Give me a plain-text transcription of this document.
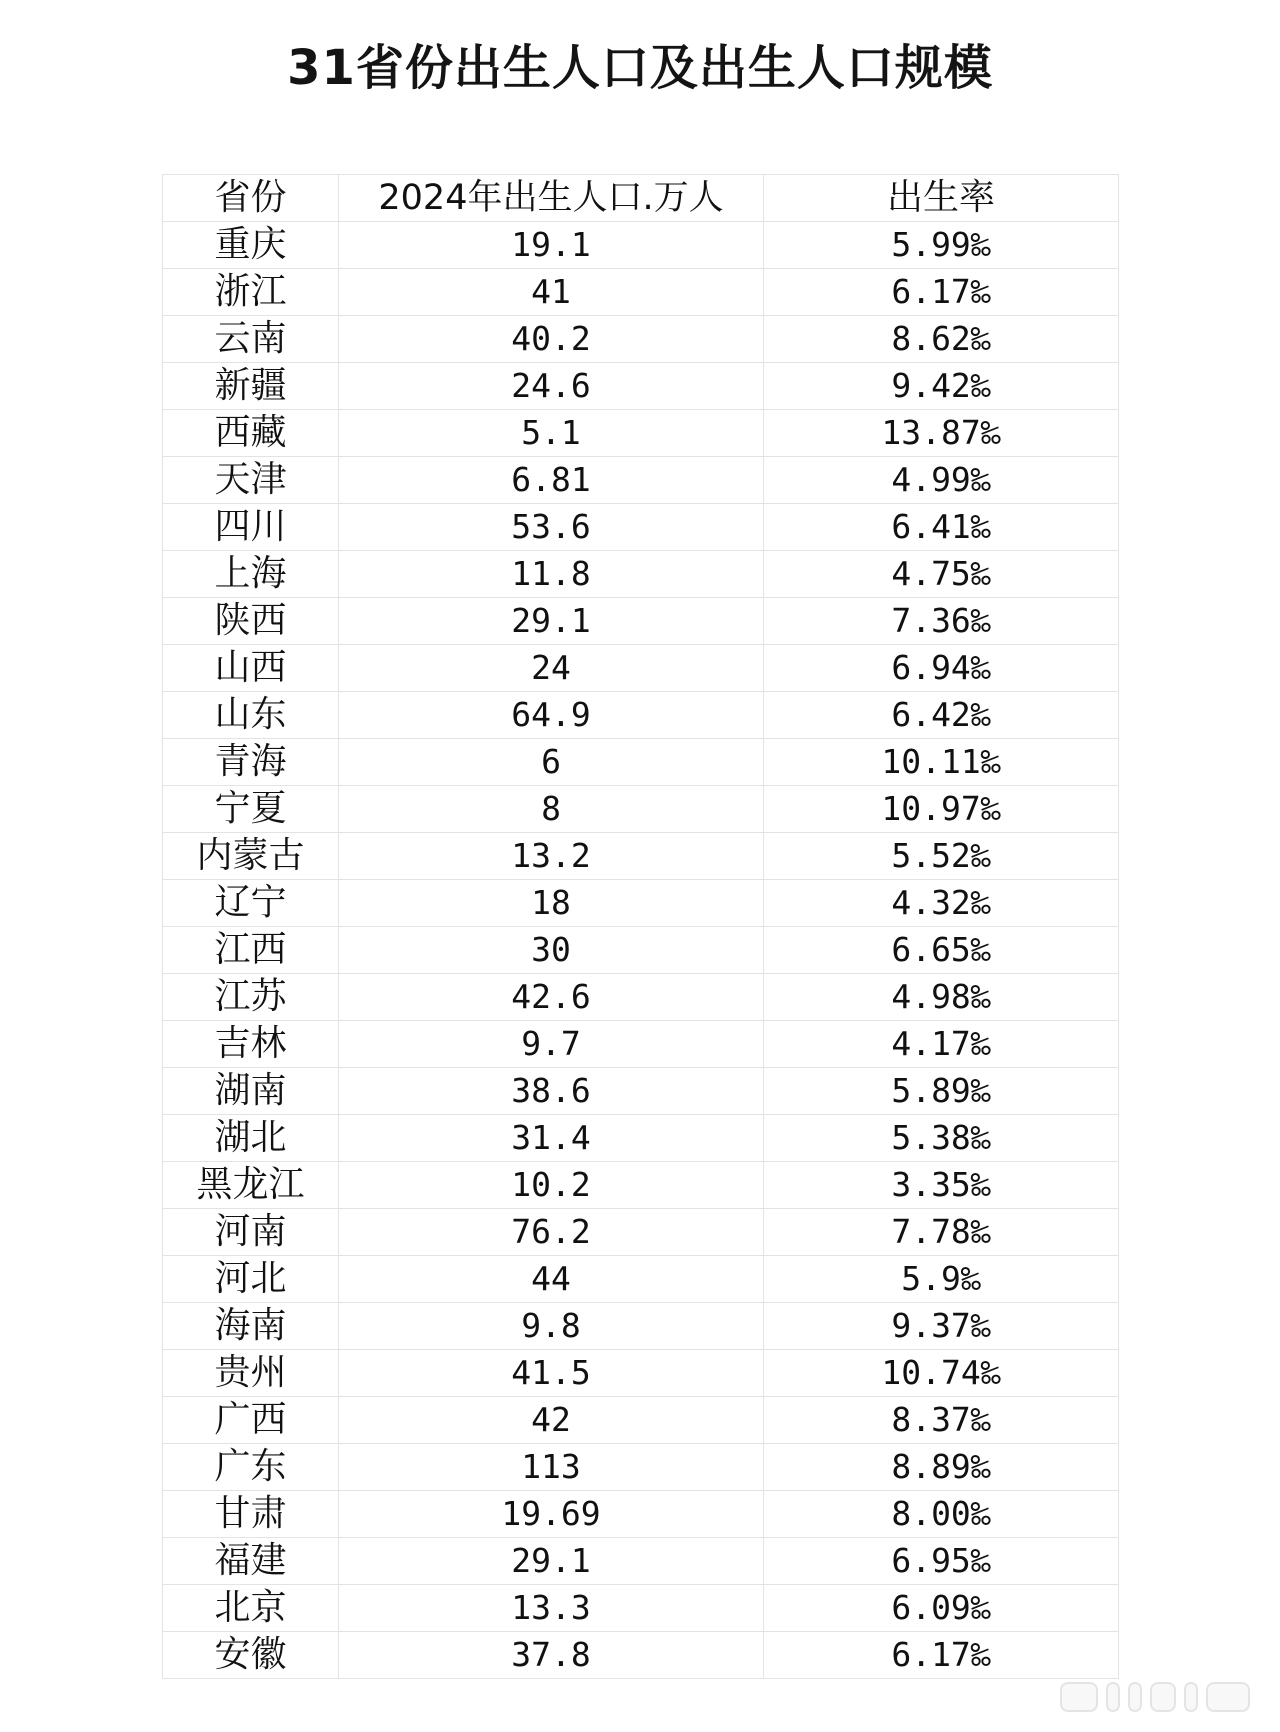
31省份出生人口及出生人口规模
省份	2024年出生人口.万人	出生率
重庆	19.1	5.99‰
浙江	41	6.17‰
云南	40.2	8.62‰
新疆	24.6	9.42‰
西藏	5.1	13.87‰
天津	6.81	4.99‰
四川	53.6	6.41‰
上海	11.8	4.75‰
陕西	29.1	7.36‰
山西	24	6.94‰
山东	64.9	6.42‰
青海	6	10.11‰
宁夏	8	10.97‰
内蒙古	13.2	5.52‰
辽宁	18	4.32‰
江西	30	6.65‰
江苏	42.6	4.98‰
吉林	9.7	4.17‰
湖南	38.6	5.89‰
湖北	31.4	5.38‰
黑龙江	10.2	3.35‰
河南	76.2	7.78‰
河北	44	5.9‰
海南	9.8	9.37‰
贵州	41.5	10.74‰
广西	42	8.37‰
广东	113	8.89‰
甘肃	19.69	8.00‰
福建	29.1	6.95‰
北京	13.3	6.09‰
安徽	37.8	6.17‰
